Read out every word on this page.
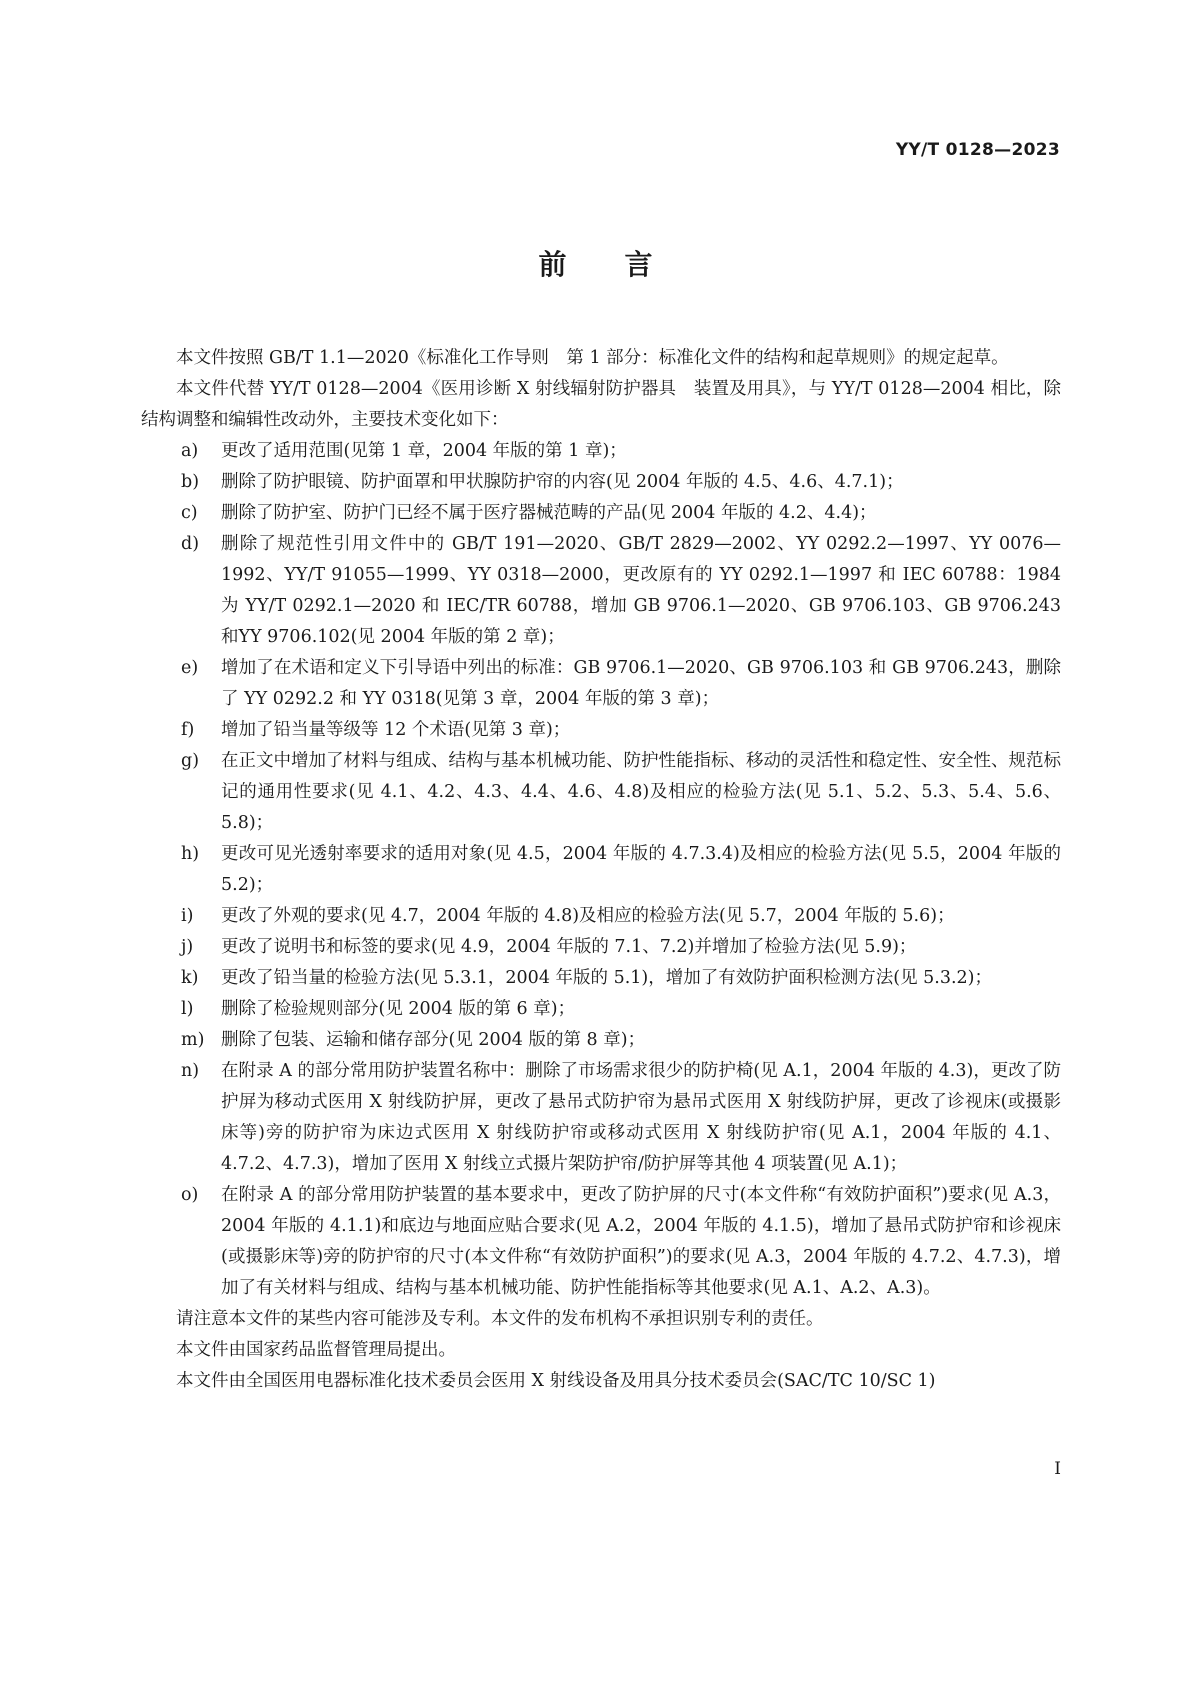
YY/T 0128—2023
前言

本文件按照 GB/T 1.1—2020《标准化工作导则　第 1 部分：标准化文件的结构和起草规则》的规定起草。

本文件代替 YY/T 0128—2004《医用诊断 X 射线辐射防护器具　装置及用具》，与 YY/T 0128—2004 相比，除结构调整和编辑性改动外，主要技术变化如下：

a)	更改了适用范围(见第 1 章，2004 年版的第 1 章)；
b)	删除了防护眼镜、防护面罩和甲状腺防护帘的内容(见 2004 年版的 4.5、4.6、4.7.1)；
c)	删除了防护室、防护门已经不属于医疗器械范畴的产品(见 2004 年版的 4.2、4.4)；
d)	删除了规范性引用文件中的 GB/T 191—2020、GB/T 2829—2002、YY 0292.2—1997、YY 0076—1992、YY/T 91055—1999、YY 0318—2000，更改原有的 YY 0292.1—1997 和 IEC 60788：1984 为 YY/T 0292.1—2020 和 IEC/TR 60788，增加 GB 9706.1—2020、GB 9706.103、GB 9706.243 和YY 9706.102(见 2004 年版的第 2 章)；
e)	增加了在术语和定义下引导语中列出的标准：GB 9706.1—2020、GB 9706.103 和 GB 9706.243，删除了 YY 0292.2 和 YY 0318(见第 3 章，2004 年版的第 3 章)；
f)	增加了铅当量等级等 12 个术语(见第 3 章)；
g)	在正文中增加了材料与组成、结构与基本机械功能、防护性能指标、移动的灵活性和稳定性、安全性、规范标记的通用性要求(见 4.1、4.2、4.3、4.4、4.6、4.8)及相应的检验方法(见 5.1、5.2、5.3、5.4、5.6、5.8)；
h)	更改可见光透射率要求的适用对象(见 4.5，2004 年版的 4.7.3.4)及相应的检验方法(见 5.5，2004 年版的 5.2)；
i)	更改了外观的要求(见 4.7，2004 年版的 4.8)及相应的检验方法(见 5.7，2004 年版的 5.6)；
j)	更改了说明书和标签的要求(见 4.9，2004 年版的 7.1、7.2)并增加了检验方法(见 5.9)；
k)	更改了铅当量的检验方法(见 5.3.1，2004 年版的 5.1)，增加了有效防护面积检测方法(见 5.3.2)；
l)	删除了检验规则部分(见 2004 版的第 6 章)；
m) 删除了包装、运输和储存部分(见 2004 版的第 8 章)；
n)	在附录 A 的部分常用防护装置名称中：删除了市场需求很少的防护椅(见 A.1，2004 年版的 4.3)，更改了防护屏为移动式医用 X 射线防护屏，更改了悬吊式防护帘为悬吊式医用 X 射线防护屏，更改了诊视床(或摄影床等)旁的防护帘为床边式医用 X 射线防护帘或移动式医用 X 射线防护帘(见 A.1，2004 年版的 4.1、4.7.2、4.7.3)，增加了医用 X 射线立式摄片架防护帘/防护屏等其他 4 项装置(见 A.1)；
o)	在附录 A 的部分常用防护装置的基本要求中，更改了防护屏的尺寸(本文件称“有效防护面积”)要求(见 A.3，2004 年版的 4.1.1)和底边与地面应贴合要求(见 A.2，2004 年版的 4.1.5)，增加了悬吊式防护帘和诊视床(或摄影床等)旁的防护帘的尺寸(本文件称“有效防护面积”)的要求(见 A.3，2004 年版的 4.7.2、4.7.3)，增加了有关材料与组成、结构与基本机械功能、防护性能指标等其他要求(见 A.1、A.2、A.3)。

请注意本文件的某些内容可能涉及专利。本文件的发布机构不承担识别专利的责任。

本文件由国家药品监督管理局提出。

本文件由全国医用电器标准化技术委员会医用 X 射线设备及用具分技术委员会(SAC/TC 10/SC 1)

I
